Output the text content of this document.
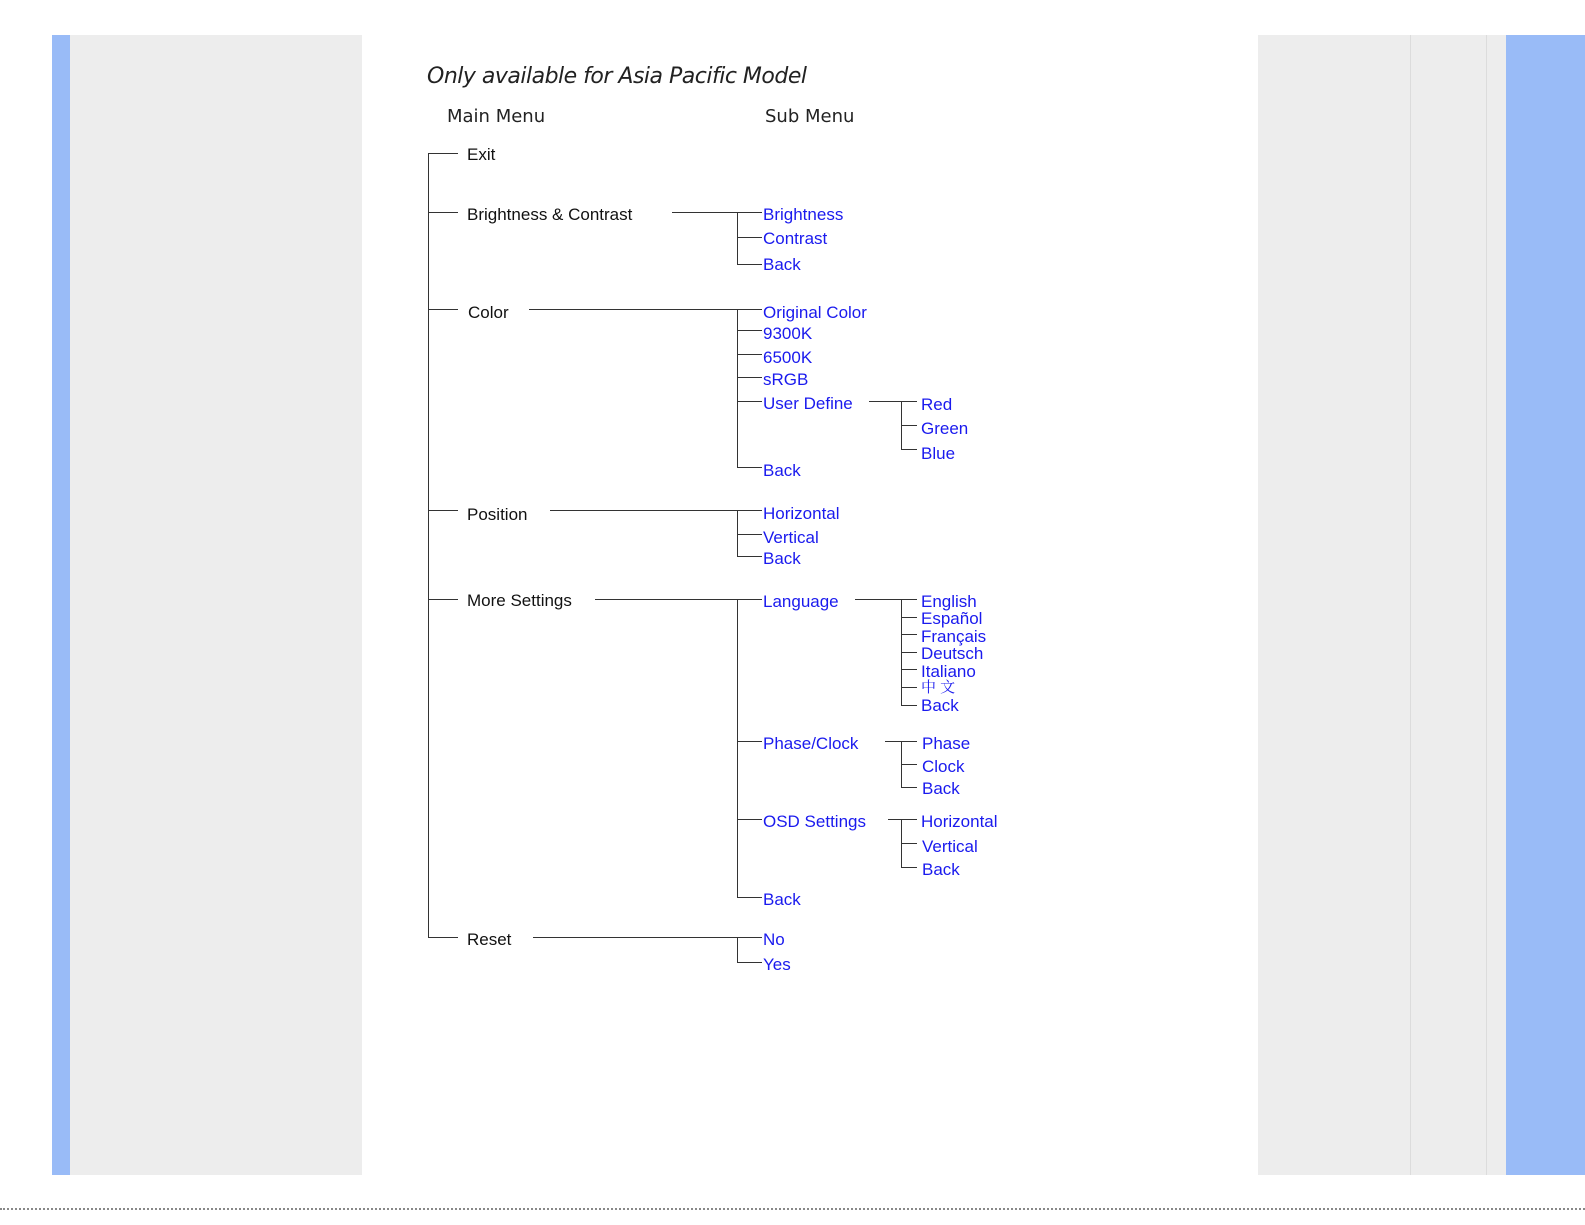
Only available for Asia Pacific Model
Main Menu	Sub Menu
Exit
Brightness & Contrast
Color
Position
More Settings
Reset
Brightness
Contrast
Back
Original Color
9300K
6500K
sRGB
User Define
Back
Red
Green
Blue
Horizontal
Vertical
Back
Language
Phase/Clock
OSD Settings
Back
English
Español
Français
Deutsch
Italiano
中 文
Back
Phase
Clock
Back
Horizontal
Vertical
Back
No
Yes
